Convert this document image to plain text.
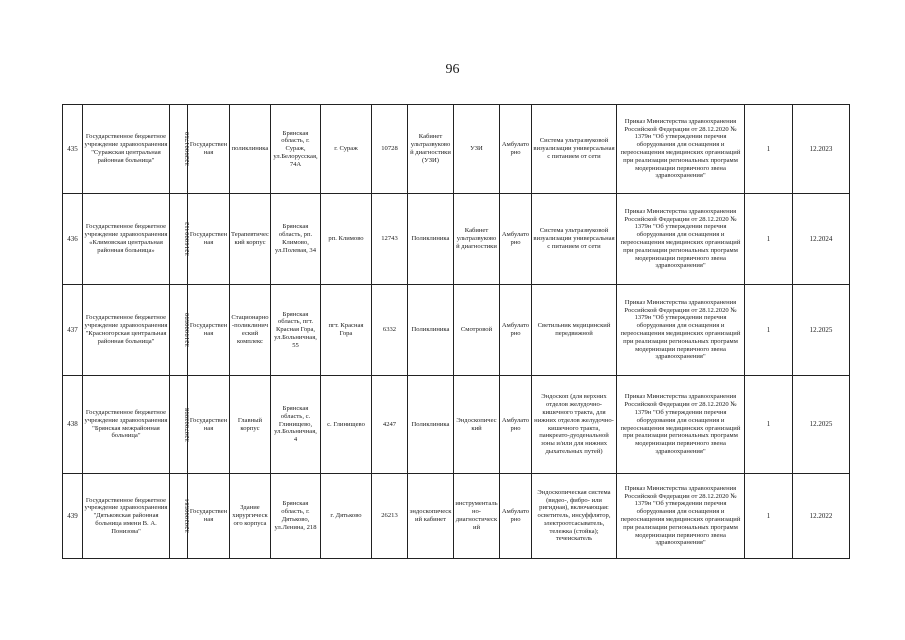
96
435	Государственное бюджетное учреждение здравоохранения "Суражская центральная районная больница"	3229001750	Государственная	поликлиника	Брянская область, г. Сураж, ул.Белорусская, 74А	г. Сураж	10728	Кабинет ультразвуковой диагностики (УЗИ)	УЗИ	Амбулаторно	Система ультразвуковой визуализации универсальная с питанием от сети	Приказ Министерства здравоохранения Российской Федерации от 28.12.2020 № 1379н "Об утверждении перечня оборудования для оснащения и переоснащения медицинских организаций при реализации региональных программ модернизации первичного звена здравоохранения"	1	12.2023
436	Государственное бюджетное учреждение здравоохранения «Климовская центральная районная больница»	3216000412	Государственная	Терапевтический корпус	Брянская область, рп. Климово, ул.Полевая, 34	рп. Климово	12743	Поликлиника	Кабинет ультразвуковой диагностики	Амбулаторно	Система ультразвуковой визуализации универсальная с питанием от сети	Приказ Министерства здравоохранения Российской Федерации от 28.12.2020 № 1379н "Об утверждении перечня оборудования для оснащения и переоснащения медицинских организаций при реализации региональных программ модернизации первичного звена здравоохранения"	1	12.2024
437	Государственное бюджетное учреждение здравоохранения "Красногорская центральная районная больница"	3219000590	Государственная	Стационарно-поликлинический комплекс	Брянская область, пгт. Красная Гора, ул.Больничная, 55	пгт. Красная Гора	6332	Поликлиника	Смотровой	Амбулаторно	Светильник медицинский передвижной	Приказ Министерства здравоохранения Российской Федерации от 28.12.2020 № 1379н "Об утверждении перечня оборудования для оснащения и переоснащения медицинских организаций при реализации региональных программ модернизации первичного звена здравоохранения"	1	12.2025
438	Государственное бюджетное учреждение здравоохранения "Брянская межрайонная больница"	3207003998	Государственная	Главный корпус	Брянская область, с. Глинищево, ул.Больничная, 4	с. Глинищево	4247	Поликлиника	Эндоскопический	Амбулаторно	Эндоскоп (для верхних отделов желудочно-кишечного тракта, для нижних отделов желудочно-кишечного тракта, панкреато-дуоденальной зоны и/или для нижних дыхательных путей)	Приказ Министерства здравоохранения Российской Федерации от 28.12.2020 № 1379н "Об утверждении перечня оборудования для оснащения и переоснащения медицинских организаций при реализации региональных программ модернизации первичного звена здравоохранения"	1	12.2025
439	Государственное бюджетное учреждение здравоохранения "Дятьковская районная больница имени В. А. Понизова"	3202000584	Государственная	Здание хирургического корпуса	Брянская область, г. Дятьково, ул.Ленина, 218	г. Дятьково	26213	эндоскопический кабинет	инструментально-диагностический	Амбулаторно	Эндоскопическая система (видео-, фибро- или ригидная), включающая: осветитель, инсуффлятор, электроотсасыватель, тележка (стойка); течеискатель	Приказ Министерства здравоохранения Российской Федерации от 28.12.2020 № 1379н "Об утверждении перечня оборудования для оснащения и переоснащения медицинских организаций при реализации региональных программ модернизации первичного звена здравоохранения"	1	12.2022
